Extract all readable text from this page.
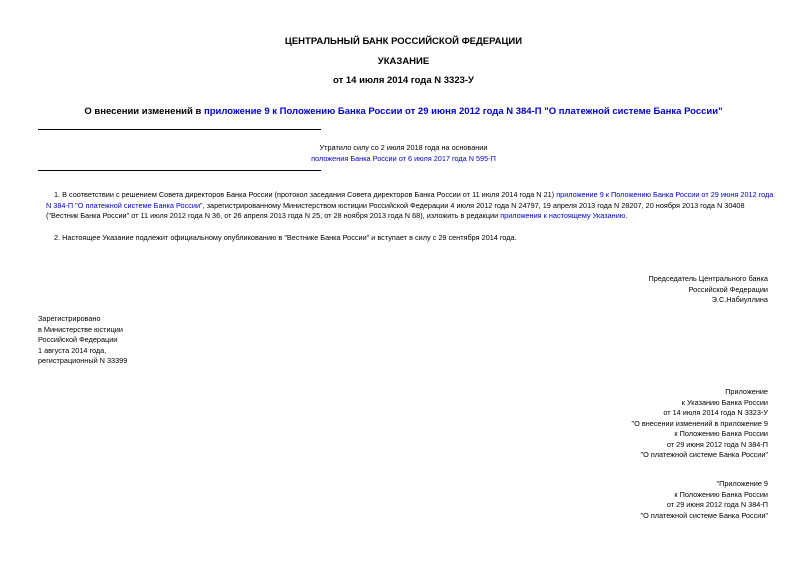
ЦЕНТРАЛЬНЫЙ БАНК РОССИЙСКОЙ ФЕДЕРАЦИИ
УКАЗАНИЕ
от 14 июля 2014 года N 3323-У
О внесении изменений в приложение 9 к Положению Банка России от 29 июня 2012 года N 384-П "О платежной системе Банка России"
Утратило силу со 2 июля 2018 года на основании
положения Банка России от 6 июля 2017 года N 595-П
1. В соответствии с решением Совета директоров Банка России (протокол заседания Совета директоров Банка России от 11 июля 2014 года N 21) приложение 9 к Положению Банка России от 29 июня 2012 года N 384-П "О платежной системе Банка России", зарегистрированному Министерством юстиции Российской Федерации 4 июля 2012 года N 24797, 19 апреля 2013 года N 28207, 20 ноября 2013 года N 30408 ("Вестник Банка России" от 11 июля 2012 года N 36, от 26 апреля 2013 года N 25, от 28 ноября 2013 года N 68), изложить в редакции приложения к настоящему Указанию.
2. Настоящее Указание подлежит официальному опубликованию в "Вестнике Банка России" и вступает в силу с 29 сентября 2014 года.
Председатель Центрального банка
Российской Федерации
Э.С.Набиуллина
Зарегистрировано
в Министерстве юстиции
Российской Федерации
1 августа 2014 года,
регистрационный N 33399
Приложение
к Указанию Банка России
от 14 июля 2014 года N 3323-У
"О внесении изменений в приложение 9
к Положению Банка России
от 29 июня 2012 года N 384-П
"О платежной системе Банка России"
"Приложение 9
к Положению Банка России
от 29 июня 2012 года N 384-П
"О платежной системе Банка России"
